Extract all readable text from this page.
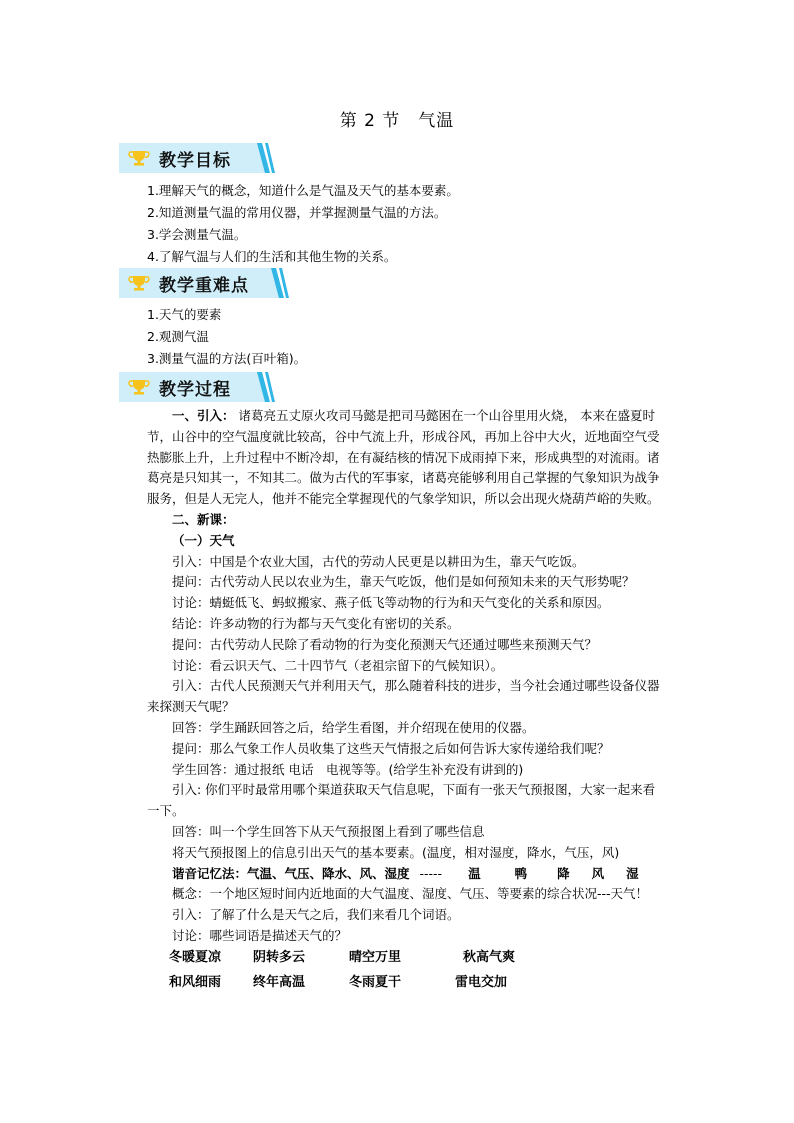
第 2 节　气温
教学目标
1.理解天气的概念，知道什么是气温及天气的基本要素。
2.知道测量气温的常用仪器，并掌握测量气温的方法。
3.学会测量气温。
4.了解气温与人们的生活和其他生物的关系。
教学重难点
1.天气的要素
2.观测气温
3.测量气温的方法(百叶箱)。
教学过程

一、引入： 诸葛亮五丈原火攻司马懿是把司马懿困在一个山谷里用火烧， 本来在盛夏时节，山谷中的空气温度就比较高，谷中气流上升，形成谷风，再加上谷中大火，近地面空气受热膨胀上升，上升过程中不断冷却，在有凝结核的情况下成雨掉下来，形成典型的对流雨。诸葛亮是只知其一，不知其二。做为古代的军事家，诸葛亮能够利用自己掌握的气象知识为战争服务，但是人无完人，他并不能完全掌握现代的气象学知识，所以会出现火烧葫芦峪的失败。

二、新课：

（一）天气

引入：中国是个农业大国，古代的劳动人民更是以耕田为生，靠天气吃饭。

提问：古代劳动人民以农业为生，靠天气吃饭，他们是如何预知未来的天气形势呢？

讨论：蜻蜓低飞、蚂蚁搬家、燕子低飞等动物的行为和天气变化的关系和原因。

结论：许多动物的行为都与天气变化有密切的关系。

提问：古代劳动人民除了看动物的行为变化预测天气还通过哪些来预测天气？

讨论：看云识天气、二十四节气（老祖宗留下的气候知识）。

引入：古代人民预测天气并利用天气，那么随着科技的进步，当今社会通过哪些设备仪器来探测天气呢？

回答：学生踊跃回答之后，给学生看图，并介绍现在使用的仪器。

提问：那么气象工作人员收集了这些天气情报之后如何告诉大家传递给我们呢？

学生回答：通过报纸 电话　电视等等。(给学生补充没有讲到的)

引入: 你们平时最常用哪个渠道获取天气信息呢，下面有一张天气预报图，大家一起来看一下。

回答：叫一个学生回答下从天气预报图上看到了哪些信息

将天气预报图上的信息引出天气的基本要素。(温度，相对湿度，降水，气压，风)

谐音记忆法：气温、气压、降水、风、湿度 ----- 温	鸭 降 风 湿

概念：一个地区短时间内近地面的大气温度、湿度、气压、等要素的综合状况---天气！

引入：了解了什么是天气之后，我们来看几个词语。

讨论：哪些词语是描述天气的？

冬暖夏凉	阴转多云	晴空万里	秋高气爽
和风细雨	终年高温	冬雨夏干	雷电交加
